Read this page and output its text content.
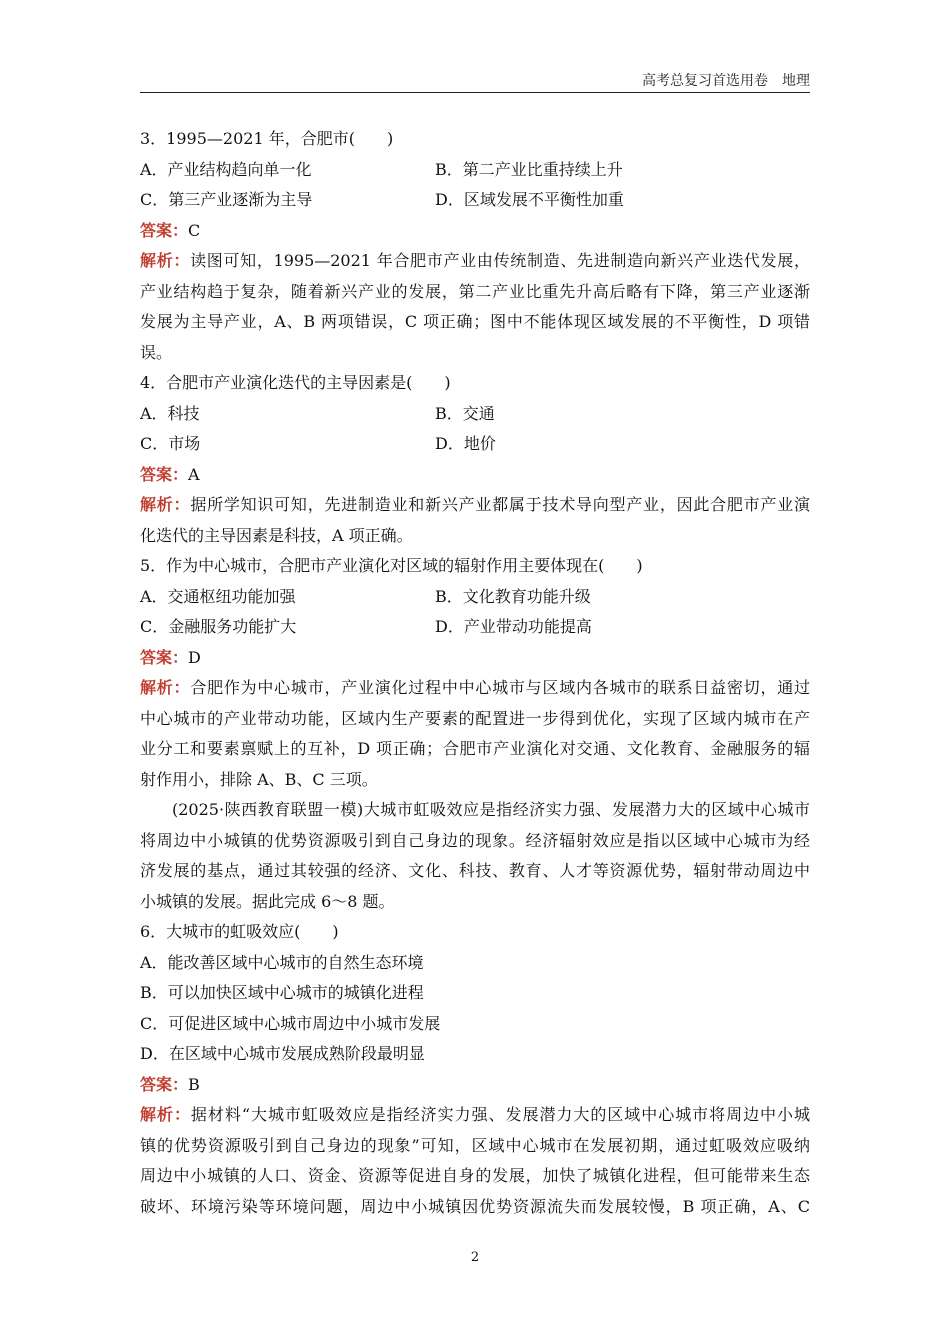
高考总复习首选用卷　地理
3．1995—2021 年，合肥市(　　)
A．产业结构趋向单一化	B．第二产业比重持续上升
C．第三产业逐渐为主导	D．区域发展不平衡性加重
答案：C
解析：读图可知，1995—2021 年合肥市产业由传统制造、先进制造向新兴产业迭代发展，
产业结构趋于复杂，随着新兴产业的发展，第二产业比重先升高后略有下降，第三产业逐渐
发展为主导产业，A、B 两项错误，C 项正确；图中不能体现区域发展的不平衡性，D 项错
误。
4．合肥市产业演化迭代的主导因素是(　　)
A．科技	B．交通
C．市场	D．地价
答案：A
解析：据所学知识可知，先进制造业和新兴产业都属于技术导向型产业，因此合肥市产业演
化迭代的主导因素是科技，A 项正确。
5．作为中心城市，合肥市产业演化对区域的辐射作用主要体现在(　　)
A．交通枢纽功能加强	B．文化教育功能升级
C．金融服务功能扩大	D．产业带动功能提高
答案：D
解析：合肥作为中心城市，产业演化过程中中心城市与区域内各城市的联系日益密切，通过
中心城市的产业带动功能，区域内生产要素的配置进一步得到优化，实现了区域内城市在产
业分工和要素禀赋上的互补，D 项正确；合肥市产业演化对交通、文化教育、金融服务的辐
射作用小，排除 A、B、C 三项。
(2025·陕西教育联盟一模)大城市虹吸效应是指经济实力强、发展潜力大的区域中心城市
将周边中小城镇的优势资源吸引到自己身边的现象。经济辐射效应是指以区域中心城市为经
济发展的基点，通过其较强的经济、文化、科技、教育、人才等资源优势，辐射带动周边中
小城镇的发展。据此完成 6～8 题。
6．大城市的虹吸效应(　　)
A．能改善区域中心城市的自然生态环境
B．可以加快区域中心城市的城镇化进程
C．可促进区域中心城市周边中小城市发展
D．在区域中心城市发展成熟阶段最明显
答案：B
解析：据材料“大城市虹吸效应是指经济实力强、发展潜力大的区域中心城市将周边中小城
镇的优势资源吸引到自己身边的现象”可知，区域中心城市在发展初期，通过虹吸效应吸纳
周边中小城镇的人口、资金、资源等促进自身的发展，加快了城镇化进程，但可能带来生态
破坏、环境污染等环境问题，周边中小城镇因优势资源流失而发展较慢，B 项正确，A、C
2
